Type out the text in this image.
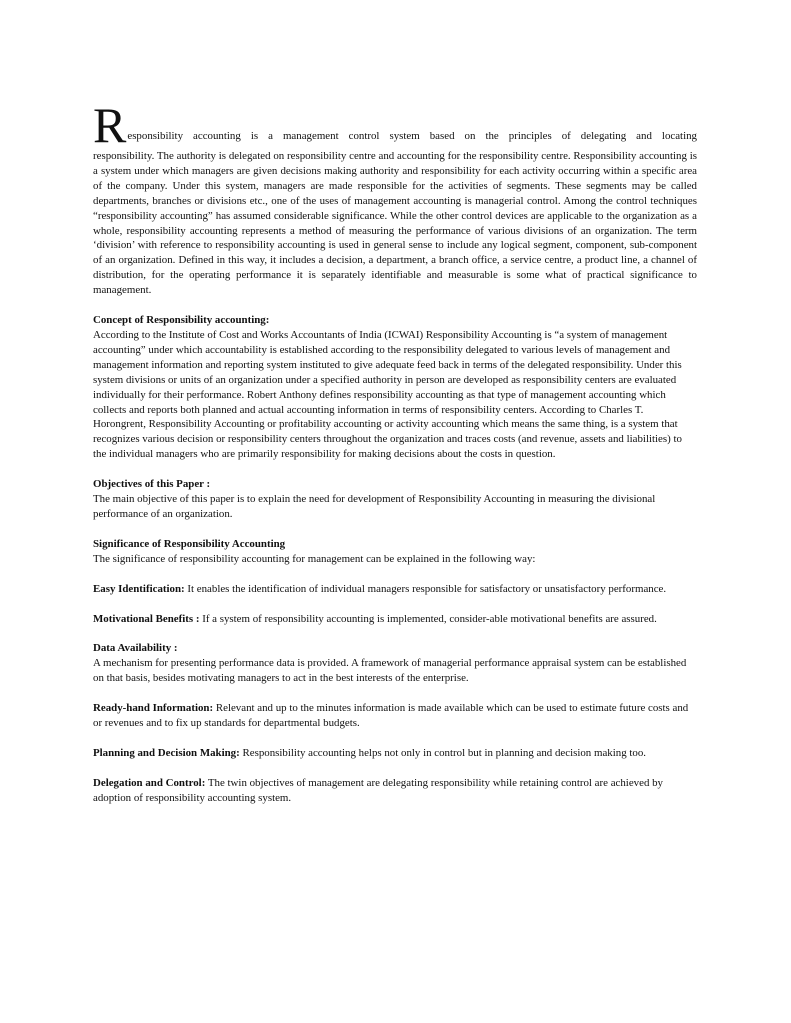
R esponsibility accounting is a management control system based on the principles of delegating and locating

responsibility. The authority is delegated on responsibility centre and accounting for the responsibility centre. Responsibility accounting is a system under which managers are given decisions making authority and responsibility for each activity occurring within a specific area of the company. Under this system, managers are made responsible for the activities of segments. These segments may be called departments, branches or divisions etc., one of the uses of management accounting is managerial control. Among the control techniques “responsibility accounting” has assumed considerable significance. While the other control devices are applicable to the organization as a whole, responsibility accounting represents a method of measuring the performance of various divisions of an organization. The term ‘division’ with reference to responsibility accounting is used in general sense to include any logical segment, component, sub-component of an organization. Defined in this way, it includes a decision, a department, a branch office, a service centre, a product line, a channel of distribution, for the operating performance it is separately identifiable and measurable is some what of practical significance to management.

Concept of Responsibility accounting:

According to the Institute of Cost and Works Accountants of India (ICWAI) Responsibility Accounting is “a system of management accounting” under which accountability is established according to the responsibility delegated to various levels of management and management information and reporting system instituted to give adequate feed back in terms of the delegated responsibility. Under this system divisions or units of an organization under a specified authority in person are developed as responsibility centers are evaluated individually for their performance. Robert Anthony defines responsibility accounting as that type of management accounting which collects and reports both planned and actual accounting information in terms of responsibility centers. According to Charles T. Horongrent, Responsibility Accounting or profitability accounting or activity accounting which means the same thing, is a system that recognizes various decision or responsibility centers throughout the organization and traces costs (and revenue, assets and liabilities) to the individual managers who are primarily responsibility for making decisions about the costs in question.

Objectives of this Paper :

The main objective of this paper is to explain the need for development of Responsibility Accounting in measuring the divisional performance of an organization.

Significance of Responsibility Accounting

The significance of responsibility accounting for management can be explained in the following way:

Easy Identification: It enables the identification of individual managers responsible for satisfactory or unsatisfactory performance.

Motivational Benefits : If a system of responsibility accounting is implemented, consider-able motivational benefits are assured.

Data Availability :

A mechanism for presenting performance data is provided. A framework of managerial performance appraisal system can be established on that basis, besides motivating managers to act in the best interests of the enterprise.

Ready-hand Information: Relevant and up to the minutes information is made available which can be used to estimate future costs and or revenues and to fix up standards for departmental budgets.

Planning and Decision Making: Responsibility accounting helps not only in control but in planning and decision making too.

Delegation and Control: The twin objectives of management are delegating responsibility while retaining control are achieved by adoption of responsibility accounting system.
